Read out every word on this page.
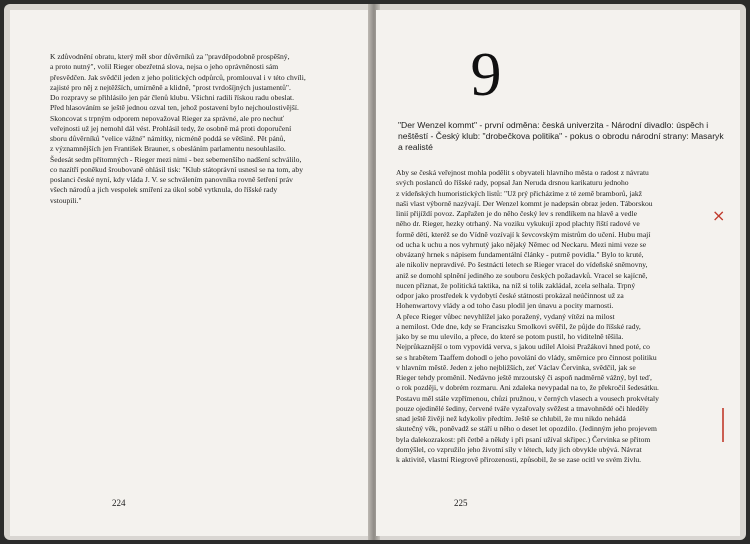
K zdůvodnění obratu, který měl sbor důvěrníků za "pravděpodobně prospěšný,
a proto nutný", volil Rieger obezřetná slova, nejsa o jeho oprávněnosti sám
přesvědčen. Jak svědčil jeden z jeho politických odpůrců, promlouval i v této chvíli,
zajisté pro něj z nejtěžších, umírněně a klidně, "prost tvrdošíjných justamentů".
Do rozpravy se přihlásilo jen pár členů klubu. Všichni radili řískou radu obeslat.
Před hlasováním se ještě jednou ozval ten, jehož postavení bylo nejchoulostivější.
Skoncovat s trpným odporem nepovažoval Rieger za správné, ale pro nechuť
veřejnosti už jej nemohl dál vést. Prohlásil tedy, že osobně má proti doporučení
sboru důvěrníků "velice vážné" námitky, nicméně poddá se většině. Pět pánů,
z významnějších jen František Brauner, s obesláním parlamentu nesouhlasilo.
Šedesát sedm přítomných - Rieger mezi nimi - bez sebemenšího nadšení schválilo,
co nazítří poněkud šroubovaně ohlásil tisk: "Klub státoprávní usnesl se na tom, aby
poslanci české nyní, kdy vláda J. V. se schválením panovníka rovně šetření práv
všech národů a jich vespolek smíření za úkol sobě vytknula, do říšské rady
vstoupili."
224
9
"Der Wenzel kommt" - první odměna: česká univerzita - Národní divadlo: úspěch i neštěstí - Český klub: "drobečkova politika" - pokus o obrodu národní strany: Masaryk a realisté
Aby se česká veřejnost mohla podělit s obyvateli hlavního města o radost z návratu
svých poslanců do říšské rady, popsal Jan Neruda drsnou karikaturu jednoho
z vídeňských humoristických listů: "Už prý přicházíme z té země bramborů, jakž
naši vlast výborně nazývají. Der Wenzel kommt je nadepsán obraz jeden. Táborskou
linií přijíždí povoz. Zapřažen je do něho český lev s rendlíkem na hlavě a vedle
něho dr. Rieger, hezky otrhaný. Na voziku vykukují zpod plachty řiští radové ve
formě dětí, kteréž se do Vídně vozívají k ševcovským mistrům do učení. Hubu mají
od ucha k uchu a nos vyhrnutý jako nějaký Němec od Neckaru. Mezi nimi veze se
obvázaný hrnek s nápisem fundamentální články - putrně povidla." Bylo to kruté,
ale nikoliv nepravdivé. Po šestnácti letech se Rieger vracel do vídeňské sněmovny,
aniž se domohl splnění jediného ze souboru českých požadavků. Vracel se kajícně,
nucen přiznat, že politická taktika, na níž si tolik zakládal, zcela selhala. Trpný
odpor jako prostředek k vydobytí české státnosti prokázal neúčinnost už za
Hohenwartovy vlády a od toho času plodil jen únavu a pocity marnosti.
A přece Rieger vůbec nevyhlížel jako poražený, vydaný vítězi na milost
a nemilost. Ode dne, kdy se Franciszku Smolkovi svěřil, že půjde do říšské rady,
jako by se mu ulevilo, a přece, do které se potom pustil, ho viditelně těšila.
Nejprůkaznější o tom vypovídá verva, s jakou udílel Aloisi Pražákovi hned poté, co
se s hrabětem Taaffem dohodl o jeho povolání do vlády, směrnice pro činnost politiku
v hlavním městě. Jeden z jeho nejbližších, zeť Václav Červinka, svědčil, jak se
Rieger tehdy proměnil. Nedávno ještě mrzoutský či aspoň nadměrně vážný, byl teď,
o rok později, v dobrém rozmaru. Ani zdaleka nevypadal na to, že překročil šedesátku.
Postavu měl stále vzpřímenou, chůzi pružnou, v černých vlasech a vousech prokvétaly
pouze ojedinělé šediny, červené tváře vyzařovaly svěžest a tmavohnědé oči hleděly
snad ještě živěji než kdykoliv předtím. Ještě se chlubil, že mu nikdo nehádá
skutečný věk, poněvadž se stáří u něho o deset let opozdilo. (Jedinným jeho projevem
byla dalekozrakost: při četbě a někdy i při psaní užíval skřipec.) Červinka se přitom
domýšlel, co vzpružilo jeho životní síly v létech, kdy jich obvykle ubývá. Návrat
k aktivitě, vlastní Riegrově přirozenosti, způsobil, že se zase ocitl ve svém živlu.
×
225
